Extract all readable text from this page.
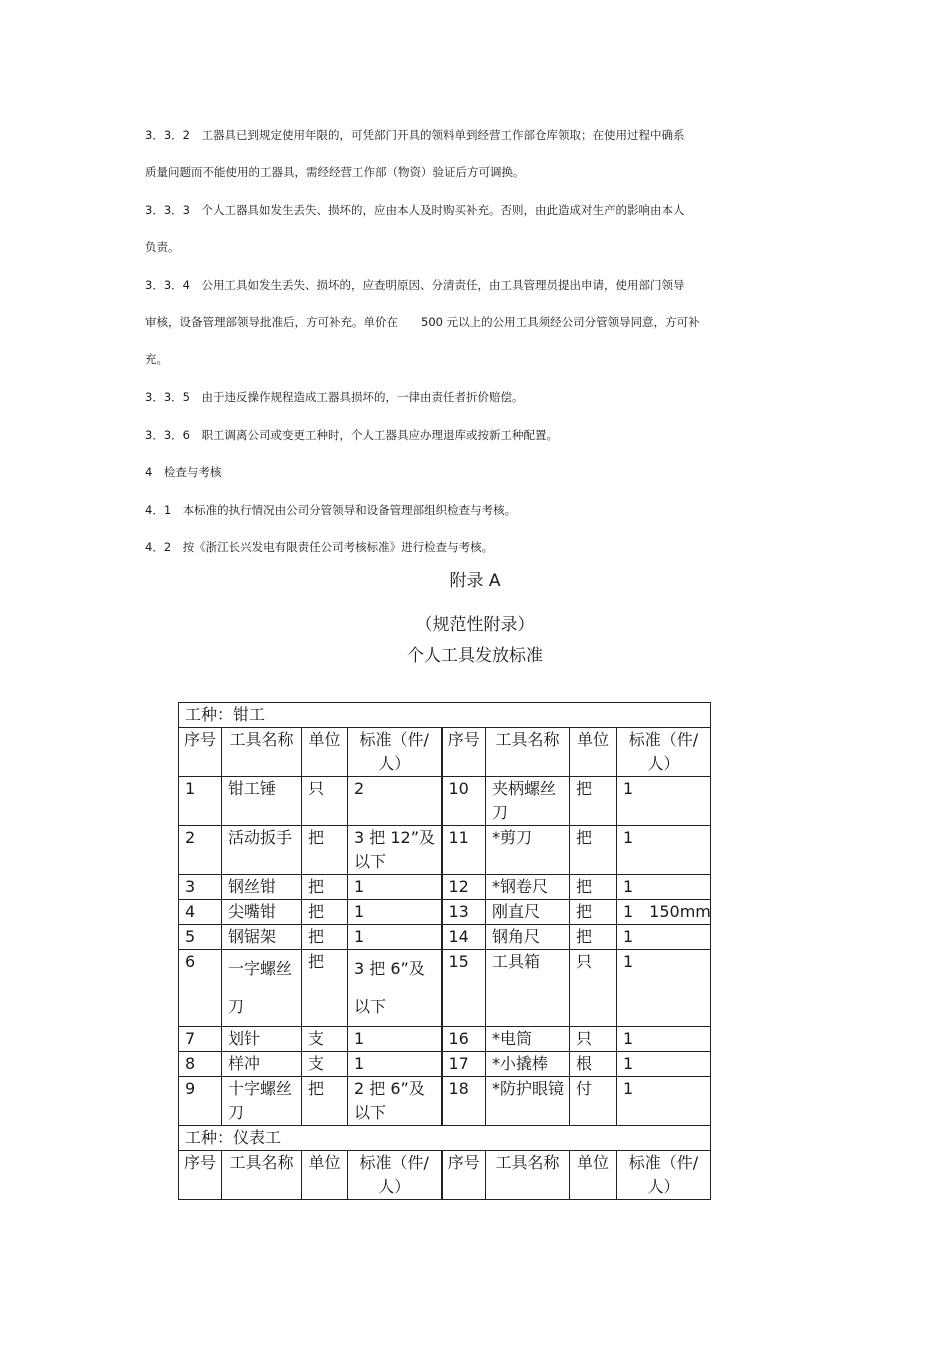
3．3．2　工器具已到规定使用年限的，可凭部门开具的领料单到经营工作部仓库领取；在使用过程中确系

质量问题而不能使用的工器具，需经经营工作部（物资）验证后方可调换。

3．3．3　个人工器具如发生丢失、损坏的，应由本人及时购买补充。否则，由此造成对生产的影响由本人

负责。

3．3．4　公用工具如发生丢失、损坏的，应查明原因、分清责任，由工具管理员提出申请，使用部门领导

审核，设备管理部领导批准后，方可补充。单价在　　500 元以上的公用工具须经公司分管领导同意，方可补

充。

3．3．5　由于违反操作规程造成工器具损坏的，一律由责任者折价赔偿。

3．3．6　职工调离公司或变更工种时，个人工器具应办理退库或按新工种配置。

4　检查与考核

4．1　本标准的执行情况由公司分管领导和设备管理部组织检查与考核。

4．2　按《浙江长兴发电有限责任公司考核标准》进行检查与考核。

附录 A

（规范性附录）

个人工具发放标准

工种：钳工							
序号	工具名称	单位	标准（件/人）	序号	工具名称	单位	标准（件/人）
1	钳工锤	只	2	10	夹柄螺丝刀	把	1
2	活动扳手	把	3 把 12”及以下	11	*剪刀	把	1
3	钢丝钳	把	1	12	*钢卷尺	把	1
4	尖嘴钳	把	1	13	刚直尺	把	1　150mm
5	钢锯架	把	1	14	钢角尺	把	1
6	一字螺丝刀	把	3 把 6”及以下	15	工具箱	只	1
7	划针	支	1	16	*电筒	只	1
8	样冲	支	1	17	*小撬棒	根	1
9	十字螺丝刀	把	2 把 6”及以下	18	*防护眼镜	付	1
工种：仪表工							
序号	工具名称	单位	标准（件/人）	序号	工具名称	单位	标准（件/人）
